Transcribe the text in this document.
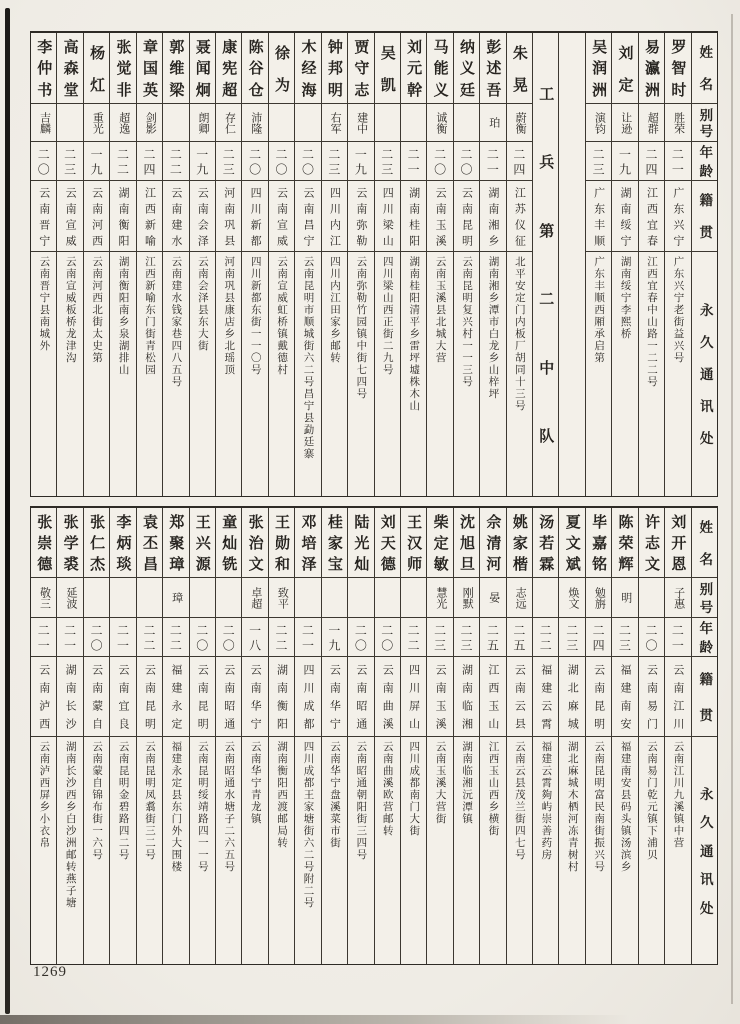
姓
名
别
号
年
龄
籍
贯
永
久
通
讯
处
罗
智
时
胜荣
二
一
广
东
兴
宁
广东兴宁老街益兴号
易
瀛
洲
超群
二
四
江
西
宜
春
江西宜春中山路一二二号
刘
定
让逊
一
九
湖
南
绥
宁
湖南绥宁李熙桥
吴
润
洲
演钧
二
三
广
东
丰
顺
广东丰顺西厢承启第
工
兵
第
二
中
队
朱
晃
蔚衡
二
四
江
苏
仪
征
北平安定门内板厂胡同十三号
彭
述
吾
珀
二
一
湖
南
湘
乡
湖南湘乡潭市白龙乡山梓坪
纳
义
廷
二
〇
云
南
昆
明
云南昆明复兴村一一三号
马
能
义
诚衡
二
〇
云
南
玉
溪
云南玉溪县北城大营
刘
元
幹
二
一
湖
南
桂
阳
湖南桂阳清平乡雷坪墟株木山
吴
凯
二
三
四
川
梁
山
四川梁山西正街二九号
贾
守
志
建中
一
九
云
南
弥
勒
云南弥勒竹园镇中街七四号
钟
邦
明
右军
二
三
四
川
内
江
四川内江田家乡邮转
木
经
海
二
〇
云
南
昌
宁
云南昆明市顺城街六二号昌宁县勐廷寨
徐
为
二
〇
云
南
宣
威
云南宣威虹桥镇戴德村
陈
谷
仓
沛隆
二
〇
四
川
新
都
四川新都东街一一〇号
康
宪
超
存仁
二
三
河
南
巩
县
河南巩县康店乡北瑶顶
聂
闻
炯
朗卿
一
九
云
南
会
泽
云南会泽县东大街
郭
维
梁
二
二
云
南
建
水
云南建水钱家巷四八五号
章
国
英
剑影
二
四
江
西
新
喻
江西新喻东门街青松园
张
觉
非
超逸
二
二
湖
南
衡
阳
湖南衡阳南乡泉湖排山
杨
灴
重光
一
九
云
南
河
西
云南河西北街太史第
高
森
堂
二
三
云
南
宣
威
云南宣威板桥龙津沟
李
仲
书
吉麟
二
〇
云
南
晋
宁
云南晋宁县南城外
姓
名
别
号
年
龄
籍
贯
永
久
通
讯
处
刘
开
恩
子惠
二
一
云
南
江
川
云南江川九溪镇中营
许
志
文
二
〇
云
南
易
门
云南易门乾元镇下浦贝
陈
荣
辉
明
二
三
福
建
南
安
福建南安县码头镇汤滨乡
毕
嘉
铭
勉旃
二
四
云
南
昆
明
云南昆明富民南街振兴号
夏
文
斌
焕文
二
三
湖
北
麻
城
湖北麻城木栖河冻青树村
汤
若
霖
二
二
福
建
云
霄
福建云霄夠屿崇善药房
姚
家
楷
志远
二
五
云
南
云
县
云南云县茂兰街四七号
佘
清
河
晏
二
五
江
西
玉
山
江西玉山西乡横街
沈
旭
旦
刚默
二
三
湖
南
临
湘
湖南临湘沅潭镇
柴
定
敏
慧光
二
三
云
南
玉
溪
云南玉溪大营街
王
汉
师
二
二
四
川
屏
山
四川成都南门大街
刘
天
德
二
〇
云
南
曲
溪
云南曲溪欧营邮转
陆
光
灿
二
〇
云
南
昭
通
云南昭通朝阳街三四号
桂
家
宝
一
九
云
南
华
宁
云南华宁盘溪菜市街
邓
培
泽
二
一
四
川
成
都
四川成都王家塘街六二号附二号
王
勋
和
致平
二
二
湖
南
衡
阳
湖南衡阳西渡邮局转
张
治
文
卓超
一
八
云
南
华
宁
云南华宁青龙镇
童
灿
铣
二
〇
云
南
昭
通
云南昭通水塘子二六五号
王
兴
源
二
〇
云
南
昆
明
云南昆明绥靖路四一一号
郑
聚
璋
璋
二
二
福
建
永
定
福建永定县东门外大围楼
袁
丕
昌
二
二
云
南
昆
明
云南昆明凤翥街三二号
李
炳
琰
二
一
云
南
宜
良
云南昆明金碧路四二号
张
仁
杰
二
〇
云
南
蒙
自
云南蒙自锦布街一六号
张
学
裘
延波
二
一
湖
南
长
沙
湖南长沙西乡白沙洲邮转燕子塘
张
崇
德
敬三
二
一
云
南
泸
西
云南泸西屏乡小衣帛
1269
